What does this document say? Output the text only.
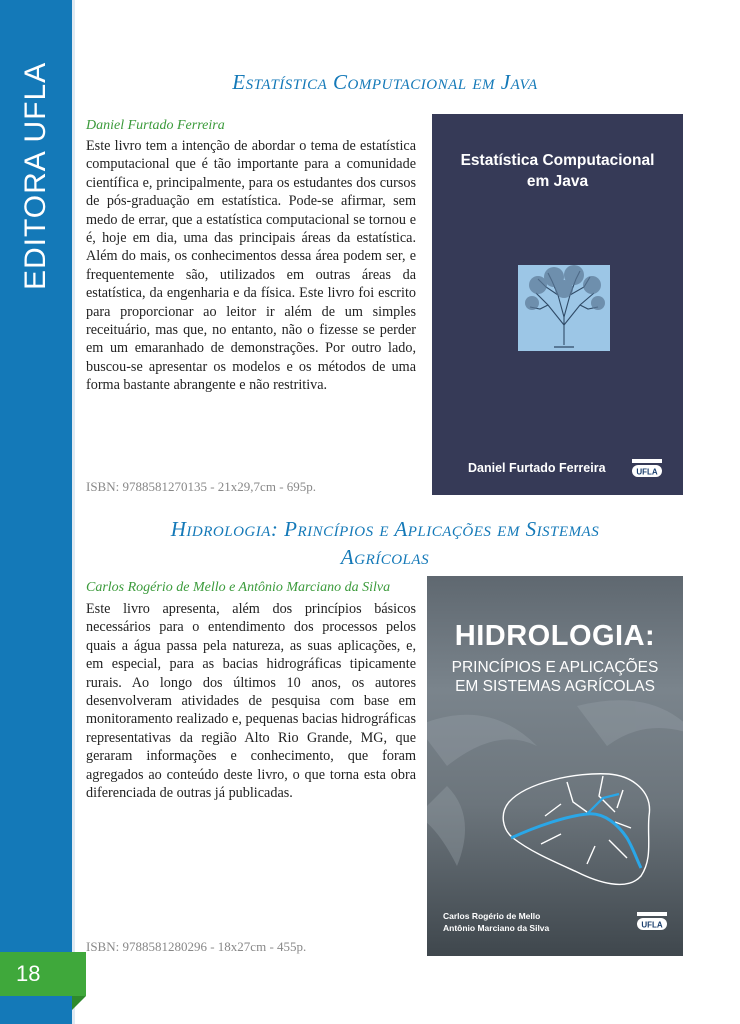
EDITORA UFLA
18
Estatística Computacional em Java
Daniel Furtado Ferreira
Este livro tem a intenção de abordar o tema de estatística computacional que é tão importante para a comunidade científica e, principalmente, para os estudantes dos cursos de pós-graduação em estatística. Pode-se afirmar, sem medo de errar, que a estatística computacional se tornou e é, hoje em dia, uma das principais áreas da estatística. Além do mais, os conhecimentos dessa área podem ser, e frequentemente são, utilizados em outras áreas da estatística, da engenharia e da física. Este livro foi escrito para proporcionar ao leitor ir além de um simples receituário, mas que, no entanto, não o fizesse se perder em um emaranhado de demonstrações. Por outro lado, buscou-se apresentar os modelos e os métodos de uma forma bastante abrangente e não restritiva.
ISBN: 9788581270135 - 21x29,7cm - 695p.
Estatística Computacional
em Java
Daniel Furtado Ferreira	UFLA
Hidrologia: Princípios e Aplicações em Sistemas
Agrícolas
Carlos Rogério de Mello e Antônio Marciano da Silva
Este livro apresenta, além dos princípios básicos necessários para o entendimento dos processos pelos quais a água passa pela natureza, as suas aplicações, e, em especial, para as bacias hidrográficas tipicamente rurais. Ao longo dos últimos 10 anos, os autores desenvolveram atividades de pesquisa com base em monitoramento realizado e, pequenas bacias hidrográficas representativas da região Alto Rio Grande, MG, que geraram informações e conhecimento, que foram agregados ao conteúdo deste livro, o que torna esta obra diferenciada de outras já publicadas.
ISBN: 9788581280296 - 18x27cm - 455p.
HIDROLOGIA:
PRINCÍPIOS E APLICAÇÕES
EM SISTEMAS AGRÍCOLAS
Carlos Rogério de Mello
Antônio Marciano da Silva	UFLA
